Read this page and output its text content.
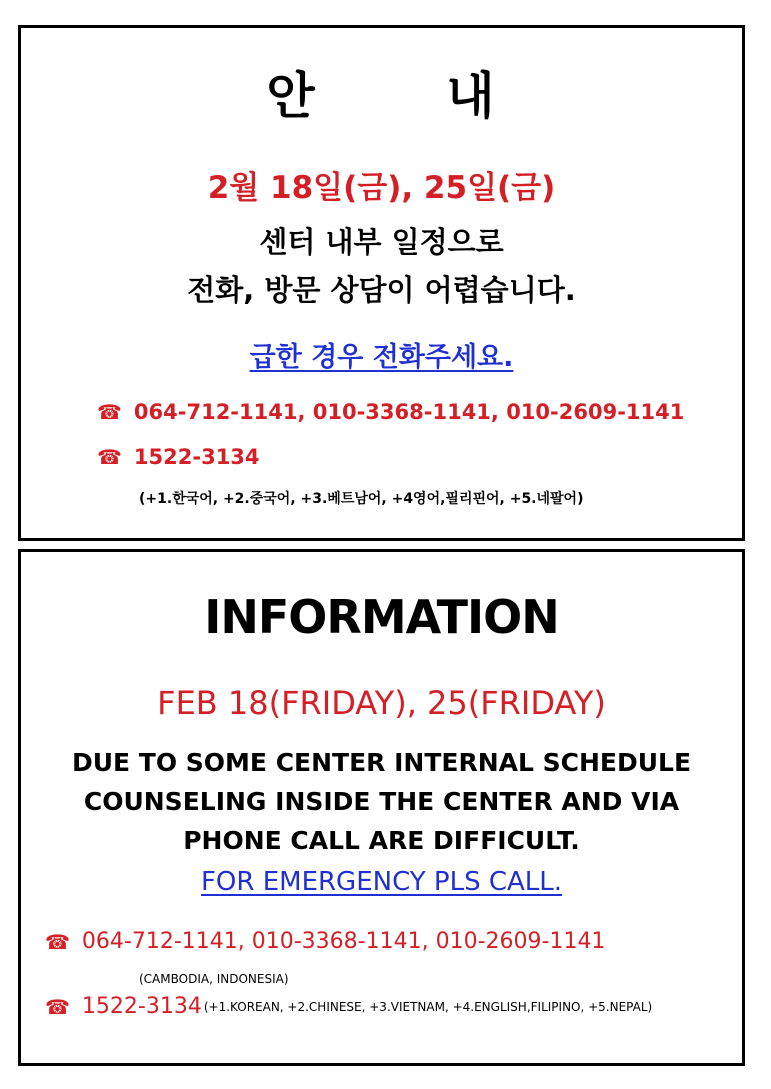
안 내
2월 18일(금), 25일(금)
센터 내부 일정으로
전화, 방문 상담이 어렵습니다.
급한 경우 전화주세요.
☎ 064-712-1141, 010-3368-1141, 010-2609-1141
☎ 1522-3134
(+1.한국어, +2.중국어, +3.베트남어, +4영어,필리핀어, +5.네팔어)
INFORMATION
FEB 18(FRIDAY), 25(FRIDAY)
DUE TO SOME CENTER INTERNAL SCHEDULE
COUNSELING INSIDE THE CENTER AND VIA
PHONE CALL ARE DIFFICULT.
FOR EMERGENCY PLS CALL.
☎ 064-712-1141, 010-3368-1141, 010-2609-1141
(CAMBODIA, INDONESIA)
☎ 1522-3134 (+1.KOREAN, +2.CHINESE, +3.VIETNAM, +4.ENGLISH,FILIPINO, +5.NEPAL)
